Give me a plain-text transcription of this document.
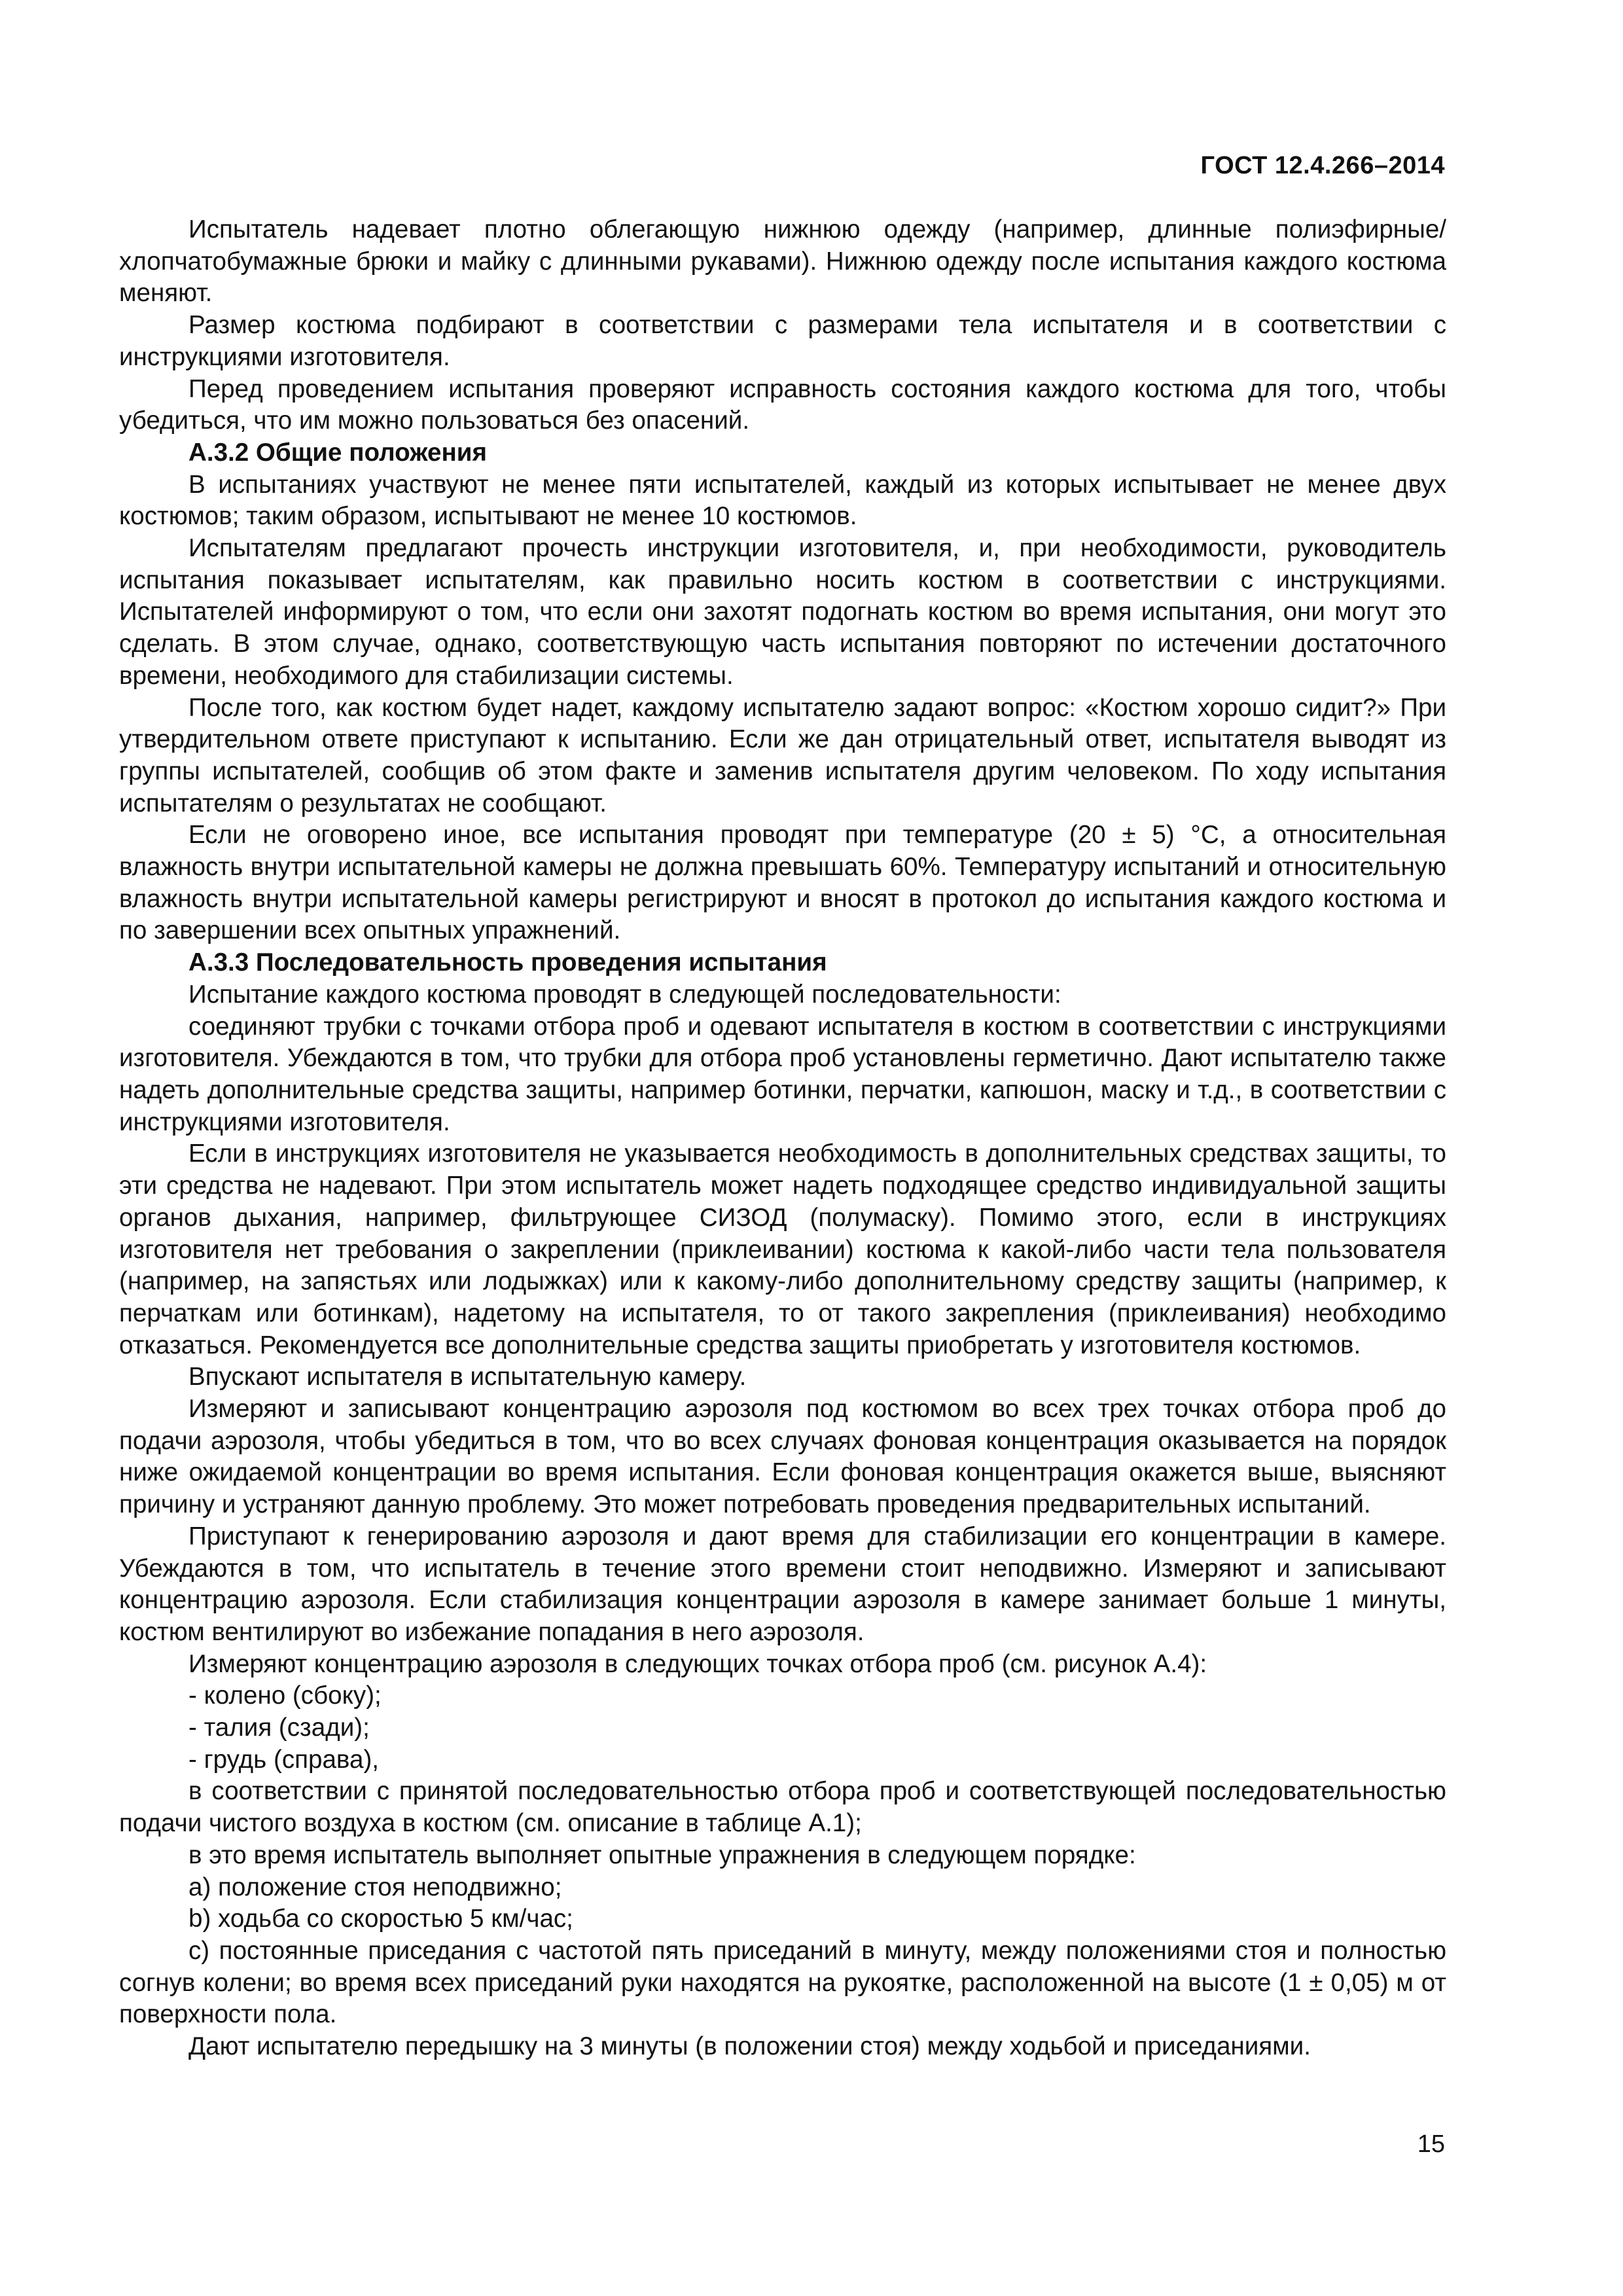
ГОСТ 12.4.266–2014

Испытатель надевает плотно облегающую нижнюю одежду (например, длинные полиэфирные/хлопчатобумажные брюки и майку с длинными рукавами). Нижнюю одежду после испытания каждого костюма меняют.

Размер костюма подбирают в соответствии с размерами тела испытателя и в соответствии с инструкциями изготовителя.

Перед проведением испытания проверяют исправность состояния каждого костюма для того, чтобы убедиться, что им можно пользоваться без опасений.

А.3.2 Общие положения

В испытаниях участвуют не менее пяти испытателей, каждый из которых испытывает не менее двух костюмов; таким образом, испытывают не менее 10 костюмов.

Испытателям предлагают прочесть инструкции изготовителя, и, при необходимости, руководитель испытания показывает испытателям, как правильно носить костюм в соответствии с инструкциями. Испытателей информируют о том, что если они захотят подогнать костюм во время испытания, они могут это сделать. В этом случае, однако, соответствующую часть испытания повторяют по истечении достаточного времени, необходимого для стабилизации системы.

После того, как костюм будет надет, каждому испытателю задают вопрос: «Костюм хорошо сидит?» При утвердительном ответе приступают к испытанию. Если же дан отрицательный ответ, испытателя выводят из группы испытателей, сообщив об этом факте и заменив испытателя другим человеком. По ходу испытания испытателям о результатах не сообщают.

Если не оговорено иное, все испытания проводят при температуре (20 ± 5) °С, а относительная влажность внутри испытательной камеры не должна превышать 60%. Температуру испытаний и относительную влажность внутри испытательной камеры регистрируют и вносят в протокол до испытания каждого костюма и по завершении всех опытных упражнений.

А.3.3 Последовательность проведения испытания

Испытание каждого костюма проводят в следующей последовательности:

соединяют трубки с точками отбора проб и одевают испытателя в костюм в соответствии с инструкциями изготовителя. Убеждаются в том, что трубки для отбора проб установлены герметично. Дают испытателю также надеть дополнительные средства защиты, например ботинки, перчатки, капюшон, маску и т.д., в соответствии с инструкциями изготовителя.

Если в инструкциях изготовителя не указывается необходимость в дополнительных средствах защиты, то эти средства не надевают. При этом испытатель может надеть подходящее средство индивидуальной защиты органов дыхания, например, фильтрующее СИЗОД (полумаску). Помимо этого, если в инструкциях изготовителя нет требования о закреплении (приклеивании) костюма к какой-либо части тела пользователя (например, на запястьях или лодыжках) или к какому-либо дополнительному средству защиты (например, к перчаткам или ботинкам), надетому на испытателя, то от такого закрепления (приклеивания) необходимо отказаться. Рекомендуется все дополнительные средства защиты приобретать у изготовителя костюмов.

Впускают испытателя в испытательную камеру.

Измеряют и записывают концентрацию аэрозоля под костюмом во всех трех точках отбора проб до подачи аэрозоля, чтобы убедиться в том, что во всех случаях фоновая концентрация оказывается на порядок ниже ожидаемой концентрации во время испытания. Если фоновая концентрация окажется выше, выясняют причину и устраняют данную проблему. Это может потребовать проведения предварительных испытаний.

Приступают к генерированию аэрозоля и дают время для стабилизации его концентрации в камере. Убеждаются в том, что испытатель в течение этого времени стоит неподвижно. Измеряют и записывают концентрацию аэрозоля. Если стабилизация концентрации аэрозоля в камере занимает больше 1 минуты, костюм вентилируют во избежание попадания в него аэрозоля.

Измеряют концентрацию аэрозоля в следующих точках отбора проб (см. рисунок А.4):

- колено (сбоку);

- талия (сзади);

- грудь (справа),

в соответствии с принятой последовательностью отбора проб и соответствующей последовательностью подачи чистого воздуха в костюм (см. описание в таблице А.1);

в это время испытатель выполняет опытные упражнения в следующем порядке:

a) положение стоя неподвижно;

b) ходьба со скоростью 5 км/час;

c) постоянные приседания с частотой пять приседаний в минуту, между положениями стоя и полностью согнув колени; во время всех приседаний руки находятся на рукоятке, расположенной на высоте (1 ± 0,05) м от поверхности пола.

Дают испытателю передышку на 3 минуты (в положении стоя) между ходьбой и приседаниями.

15
